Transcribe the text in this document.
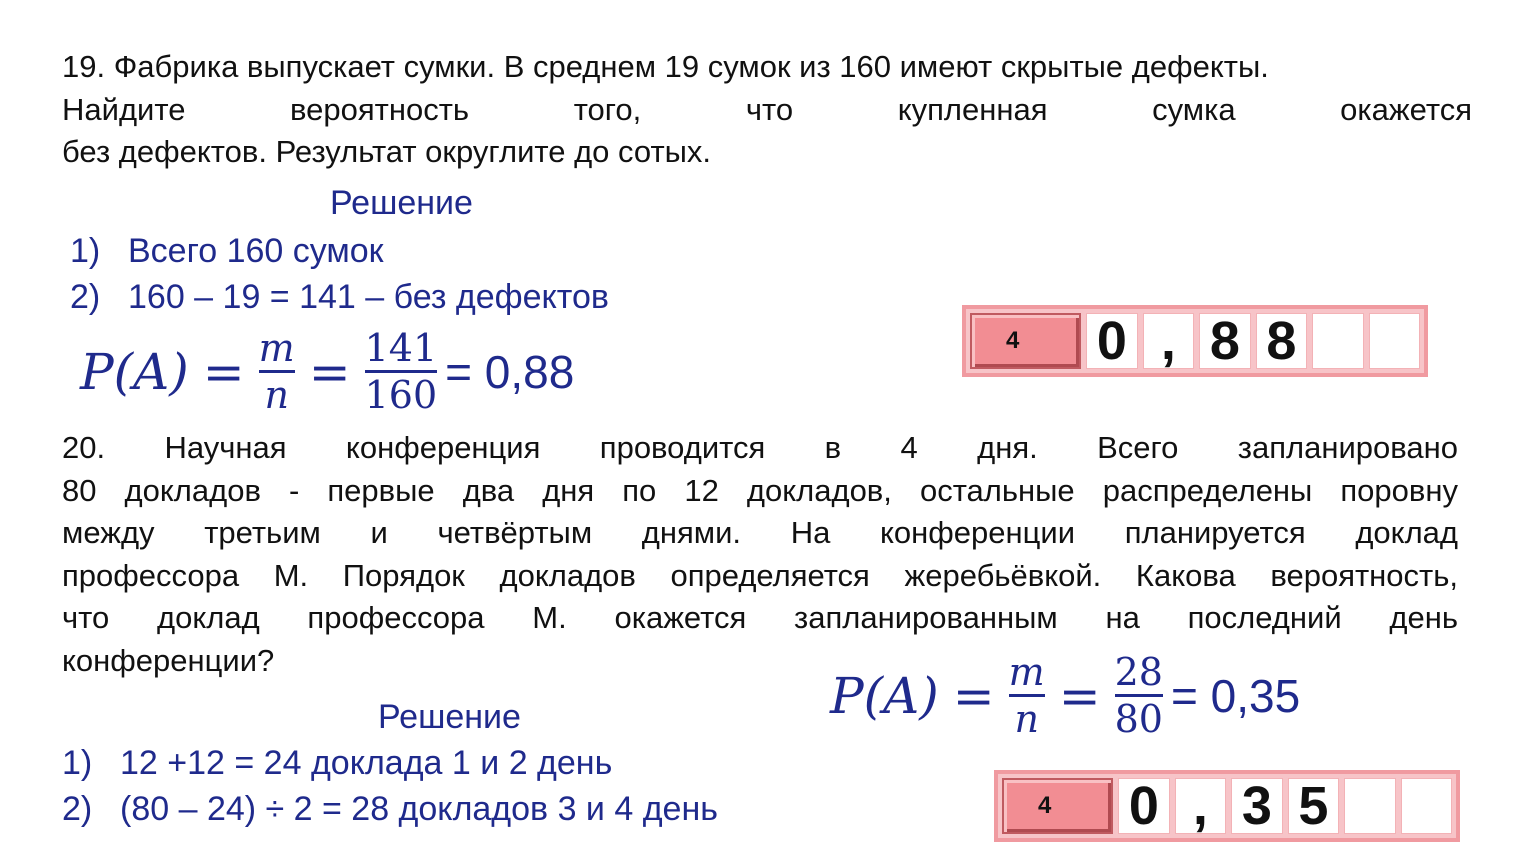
19. Фабрика выпускает сумки. В среднем 19 сумок из 160 имеют скрытые дефекты.
Найдите вероятность того, что купленная сумка окажется
без дефектов. Результат округлите до сотых.
Решение
1) Всего 160 сумок
2) 160 – 19 = 141 – без дефектов
$P(A) = \frac{m}{n} = \frac{141}{160} = 0,88$
4	0 , 8 8
20. Научная конференция проводится в 4 дня. Всего запланировано
80 докладов - первые два дня по 12 докладов, остальные распределены поровну
между третьим и четвёртым днями. На конференции планируется доклад
профессора М. Порядок докладов определяется жеребьёвкой. Какова вероятность,
что доклад профессора М. окажется запланированным на последний день
конференции?
$P(A) = \frac{m}{n} = \frac{28}{80} = 0,35$
Решение
1) 12 +12 = 24 доклада 1 и 2 день
2) (80 – 24) ÷ 2 = 28 докладов 3 и 4 день	4	0 , 3 5
